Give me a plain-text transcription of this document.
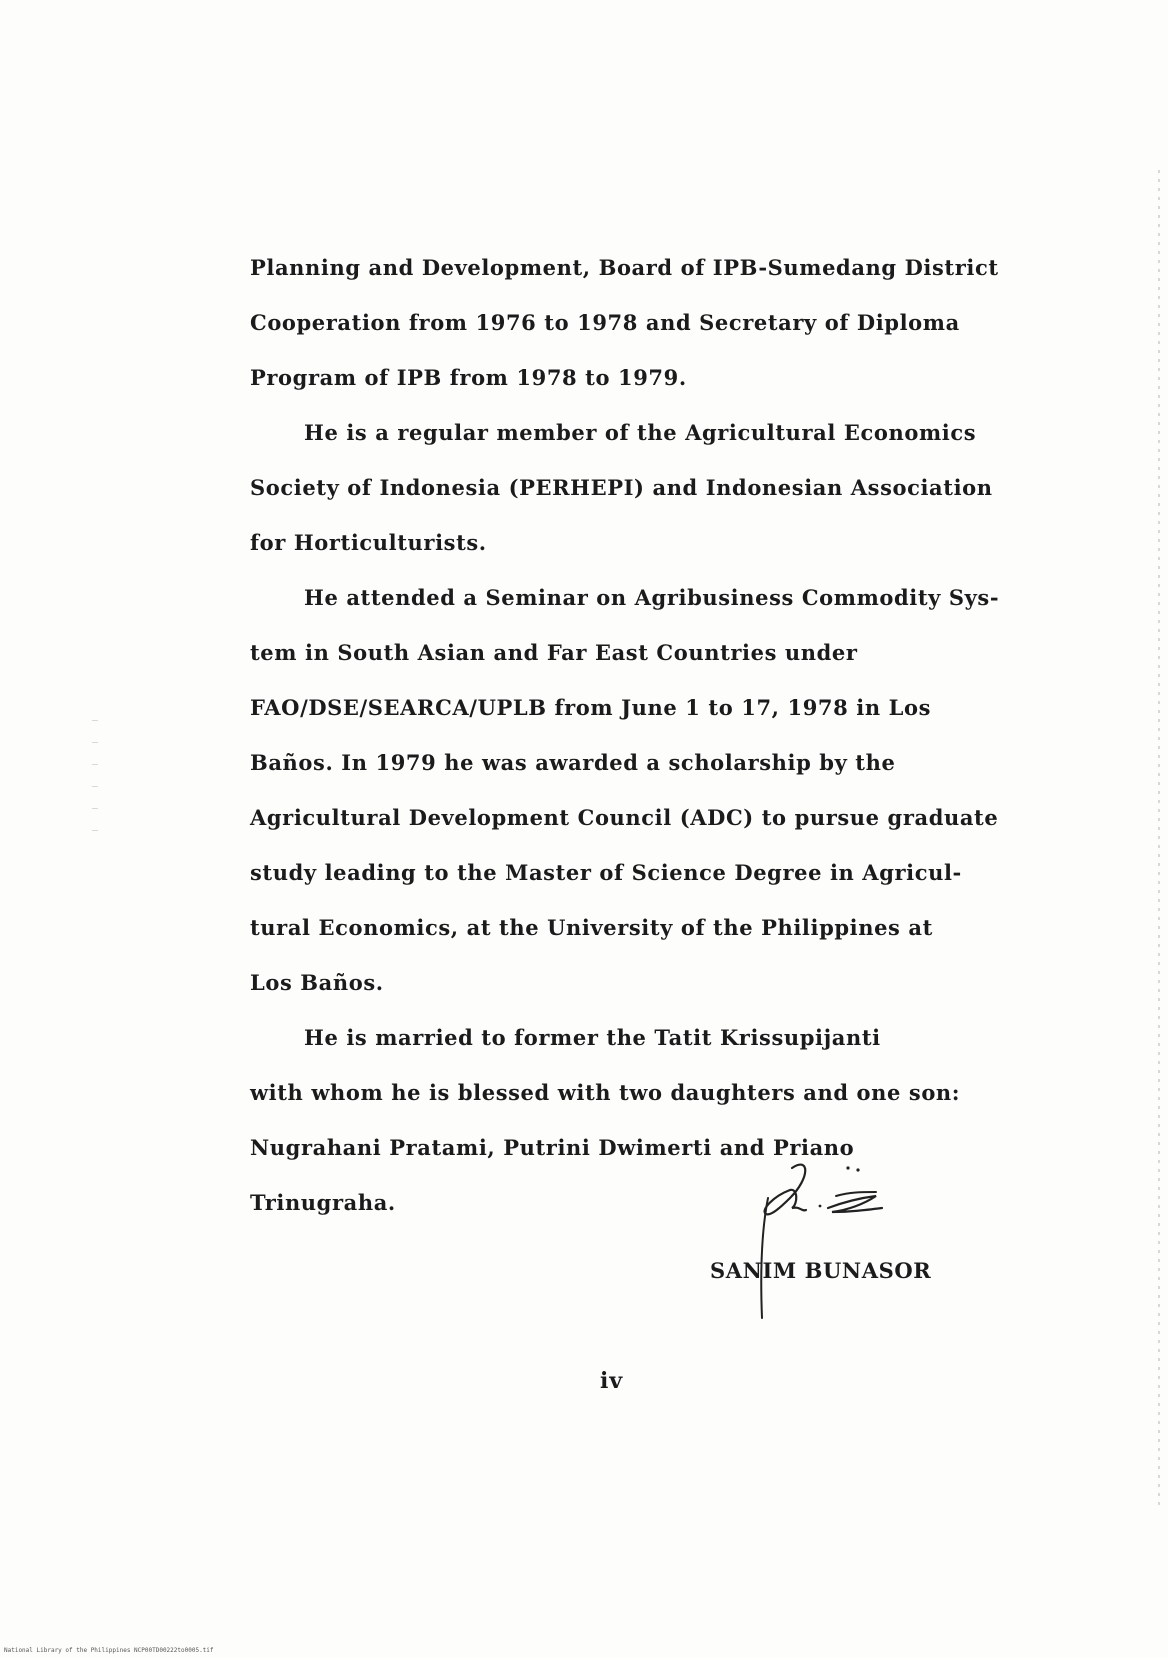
Planning and Development, Board of IPB-Sumedang District
Cooperation from 1976 to 1978 and Secretary of Diploma
Program of IPB from 1978 to 1979.
He is a regular member of the Agricultural Economics
Society of Indonesia (PERHEPI) and Indonesian Association
for Horticulturists.
He attended a Seminar on Agribusiness Commodity Sys-
tem in South Asian and Far East Countries under
FAO/DSE/SEARCA/UPLB from June 1 to 17, 1978 in Los
Baños. In 1979 he was awarded a scholarship by the
Agricultural Development Council (ADC) to pursue graduate
study leading to the Master of Science Degree in Agricul-
tural Economics, at the University of the Philippines at
Los Baños.
He is married to former the Tatit Krissupijanti
with whom he is blessed with two daughters and one son:
Nugrahani Pratami, Putrini Dwimerti and Priano
Trinugraha.
SANIM BUNASOR
iv
National Library of the Philippines NCP00TD00222to0005.tif
